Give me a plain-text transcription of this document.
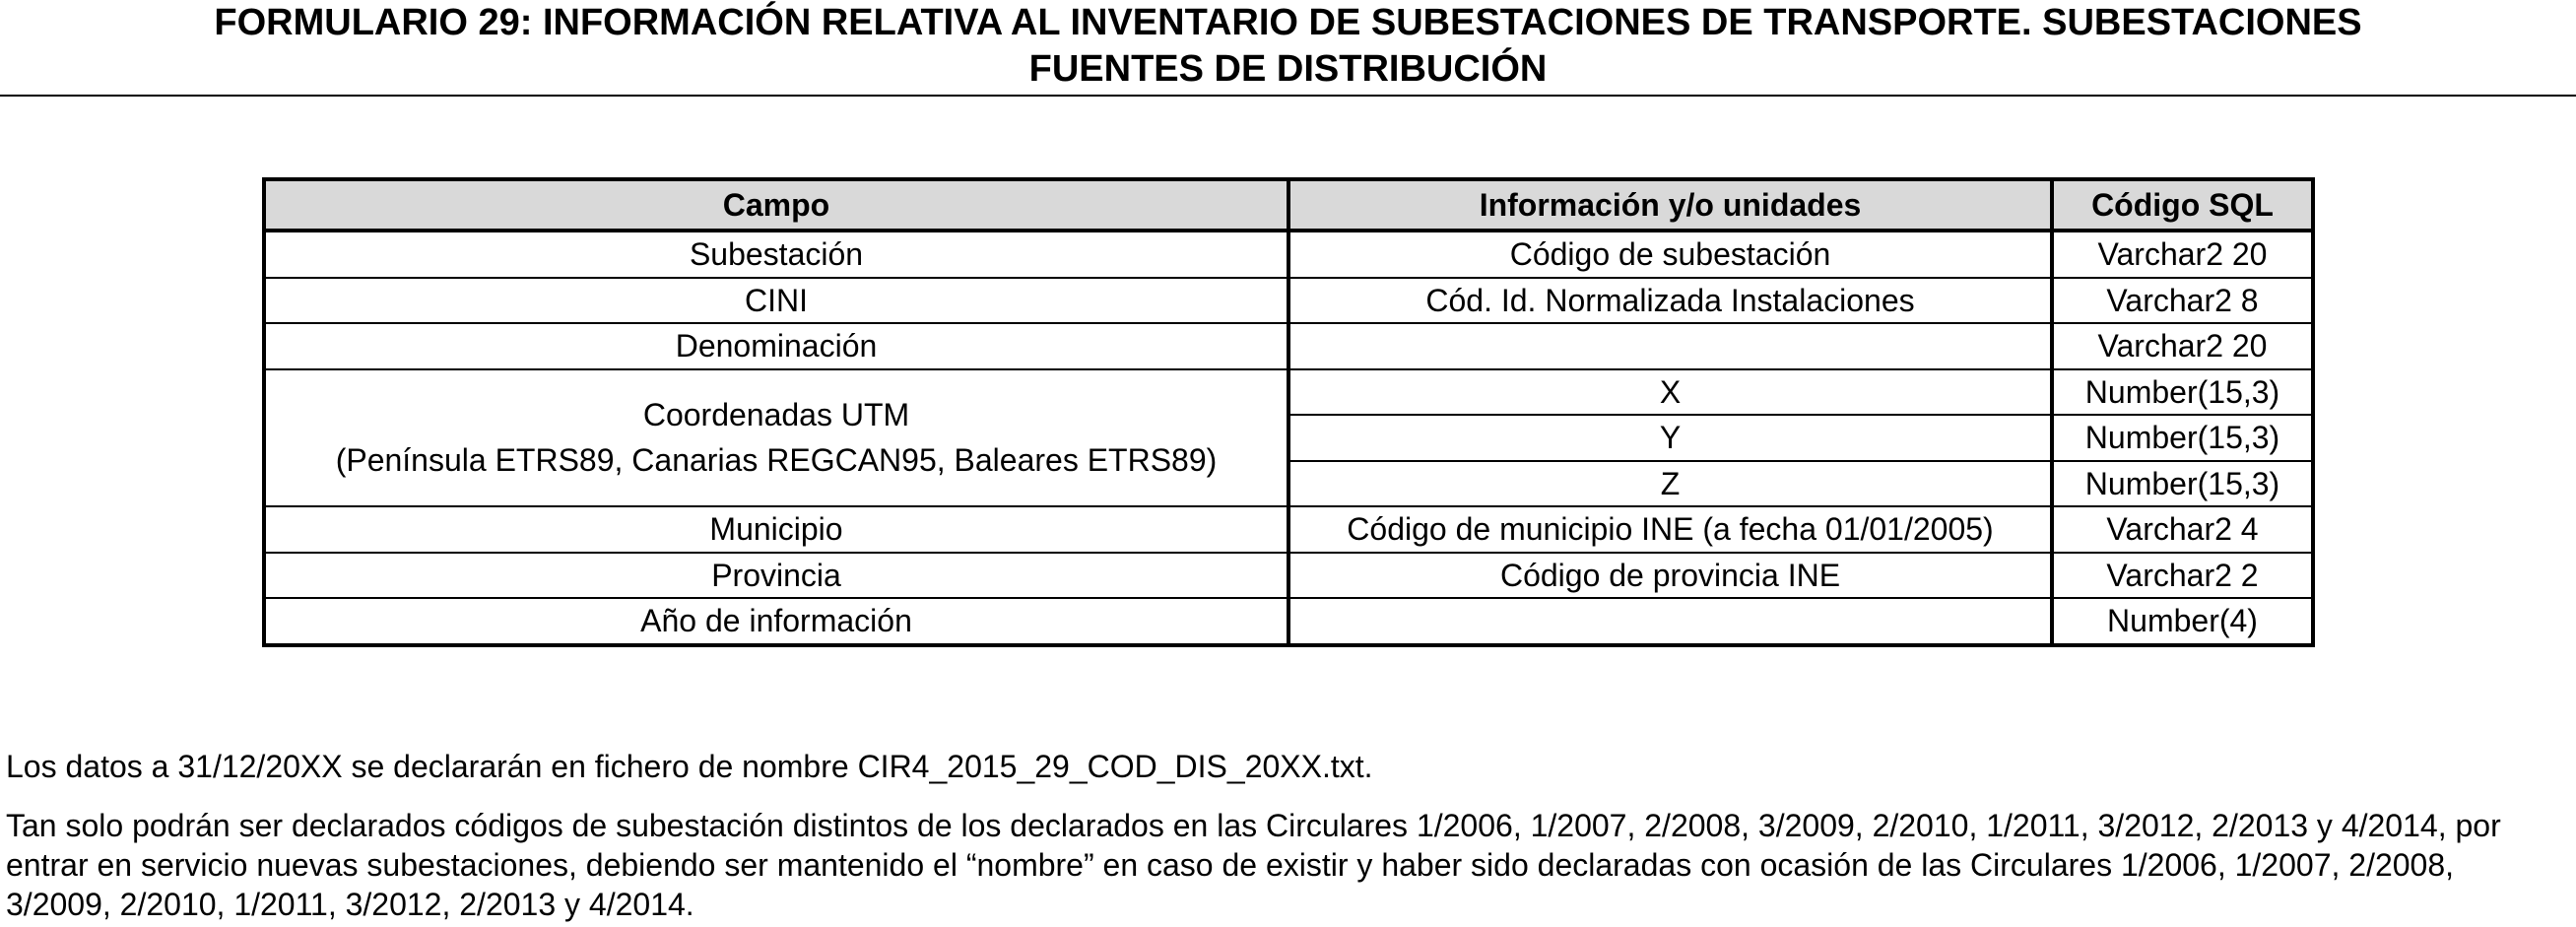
FORMULARIO 29: INFORMACIÓN RELATIVA AL INVENTARIO DE SUBESTACIONES DE TRANSPORTE. SUBESTACIONES
FUENTES DE DISTRIBUCIÓN
Campo	Información y/o unidades	Código SQL
Subestación	Código de subestación	Varchar2 20
CINI	Cód. Id. Normalizada Instalaciones	Varchar2 8
Denominación		Varchar2 20

Coordenadas UTM
(Península ETRS89, Canarias REGCAN95, Baleares ETRS89)	X	Number(15,3)
	Y	Number(15,3)
	Z	Number(15,3)
Municipio	Código de municipio INE (a fecha 01/01/2005)	Varchar2 4
Provincia	Código de provincia INE	Varchar2 2
Año de información		Number(4)
Los datos a 31/12/20XX se declararán en fichero de nombre CIR4_2015_29_COD_DIS_20XX.txt.
Tan solo podrán ser declarados códigos de subestación distintos de los declarados en las Circulares 1/2006, 1/2007, 2/2008, 3/2009, 2/2010, 1/2011, 3/2012, 2/2013 y 4/2014, por entrar en servicio nuevas subestaciones, debiendo ser mantenido el “nombre” en caso de existir y haber sido declaradas con ocasión de las Circulares 1/2006, 1/2007, 2/2008, 3/2009, 2/2010, 1/2011, 3/2012, 2/2013 y 4/2014.
